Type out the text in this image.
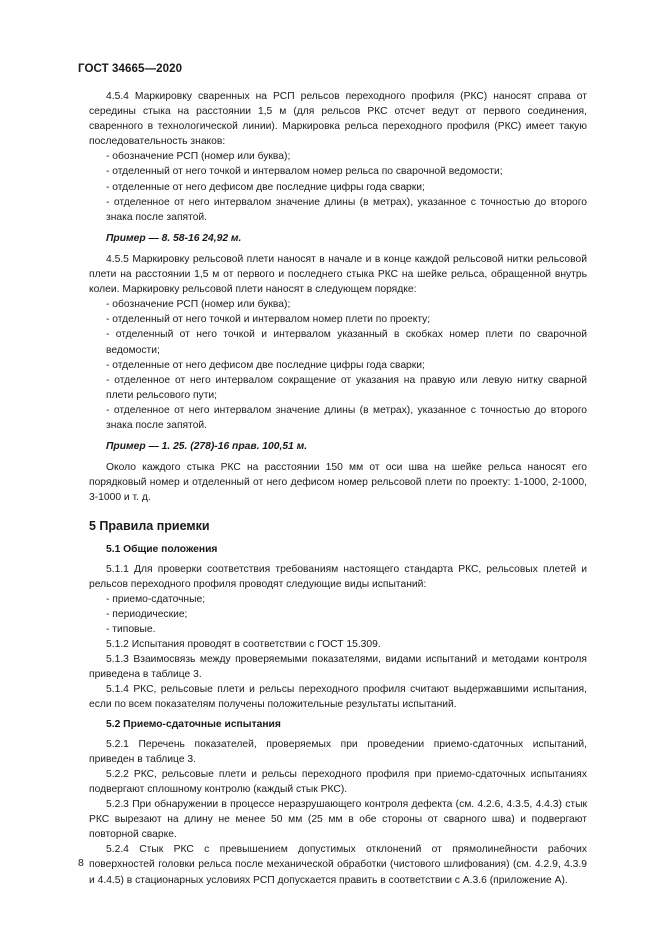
ГОСТ 34665—2020

4.5.4 Маркировку сваренных на РСП рельсов переходного профиля (РКС) наносят справа от середины стыка на расстоянии 1,5 м (для рельсов РКС отсчет ведут от первого соединения, сваренного в технологической линии). Маркировка рельса переходного профиля (РКС) имеет такую последовательность знаков:

- обозначение РСП (номер или буква);

- отделенный от него точкой и интервалом номер рельса по сварочной ведомости;

- отделенные от него дефисом две последние цифры года сварки;

- отделенное от него интервалом значение длины (в метрах), указанное с точностью до второго знака после запятой.

Пример — 8. 58-16 24,92 м.

4.5.5 Маркировку рельсовой плети наносят в начале и в конце каждой рельсовой нитки рельсовой плети на расстоянии 1,5 м от первого и последнего стыка РКС на шейке рельса, обращенной внутрь колеи. Маркировку рельсовой плети наносят в следующем порядке:

- обозначение РСП (номер или буква);

- отделенный от него точкой и интервалом номер плети по проекту;

- отделенный от него точкой и интервалом указанный в скобках номер плети по сварочной ведомости;

- отделенные от него дефисом две последние цифры года сварки;

- отделенное от него интервалом сокращение от указания на правую или левую нитку сварной плети рельсового пути;

- отделенное от него интервалом значение длины (в метрах), указанное с точностью до второго знака после запятой.

Пример — 1. 25. (278)-16 прав. 100,51 м.

Около каждого стыка РКС на расстоянии 150 мм от оси шва на шейке рельса наносят его порядковый номер и отделенный от него дефисом номер рельсовой плети по проекту: 1-1000, 2-1000, 3-1000 и т. д.

5 Правила приемки

5.1 Общие положения

5.1.1 Для проверки соответствия требованиям настоящего стандарта РКС, рельсовых плетей и рельсов переходного профиля проводят следующие виды испытаний:

- приемо-сдаточные;

- периодические;

- типовые.

5.1.2 Испытания проводят в соответствии с ГОСТ 15.309.

5.1.3 Взаимосвязь между проверяемыми показателями, видами испытаний и методами контроля приведена в таблице 3.

5.1.4 РКС, рельсовые плети и рельсы переходного профиля считают выдержавшими испытания, если по всем показателям получены положительные результаты испытаний.

5.2 Приемо-сдаточные испытания

5.2.1 Перечень показателей, проверяемых при проведении приемо-сдаточных испытаний, приведен в таблице 3.

5.2.2 РКС, рельсовые плети и рельсы переходного профиля при приемо-сдаточных испытаниях подвергают сплошному контролю (каждый стык РКС).

5.2.3 При обнаружении в процессе неразрушающего контроля дефекта (см. 4.2.6, 4.3.5, 4.4.3) стык РКС вырезают на длину не менее 50 мм (25 мм в обе стороны от сварного шва) и подвергают повторной сварке.

5.2.4 Стык РКС с превышением допустимых отклонений от прямолинейности рабочих поверхностей головки рельса после механической обработки (чистового шлифования) (см. 4.2.9, 4.3.9 и 4.4.5) в стационарных условиях РСП допускается править в соответствии с А.3.6 (приложение А).

8
